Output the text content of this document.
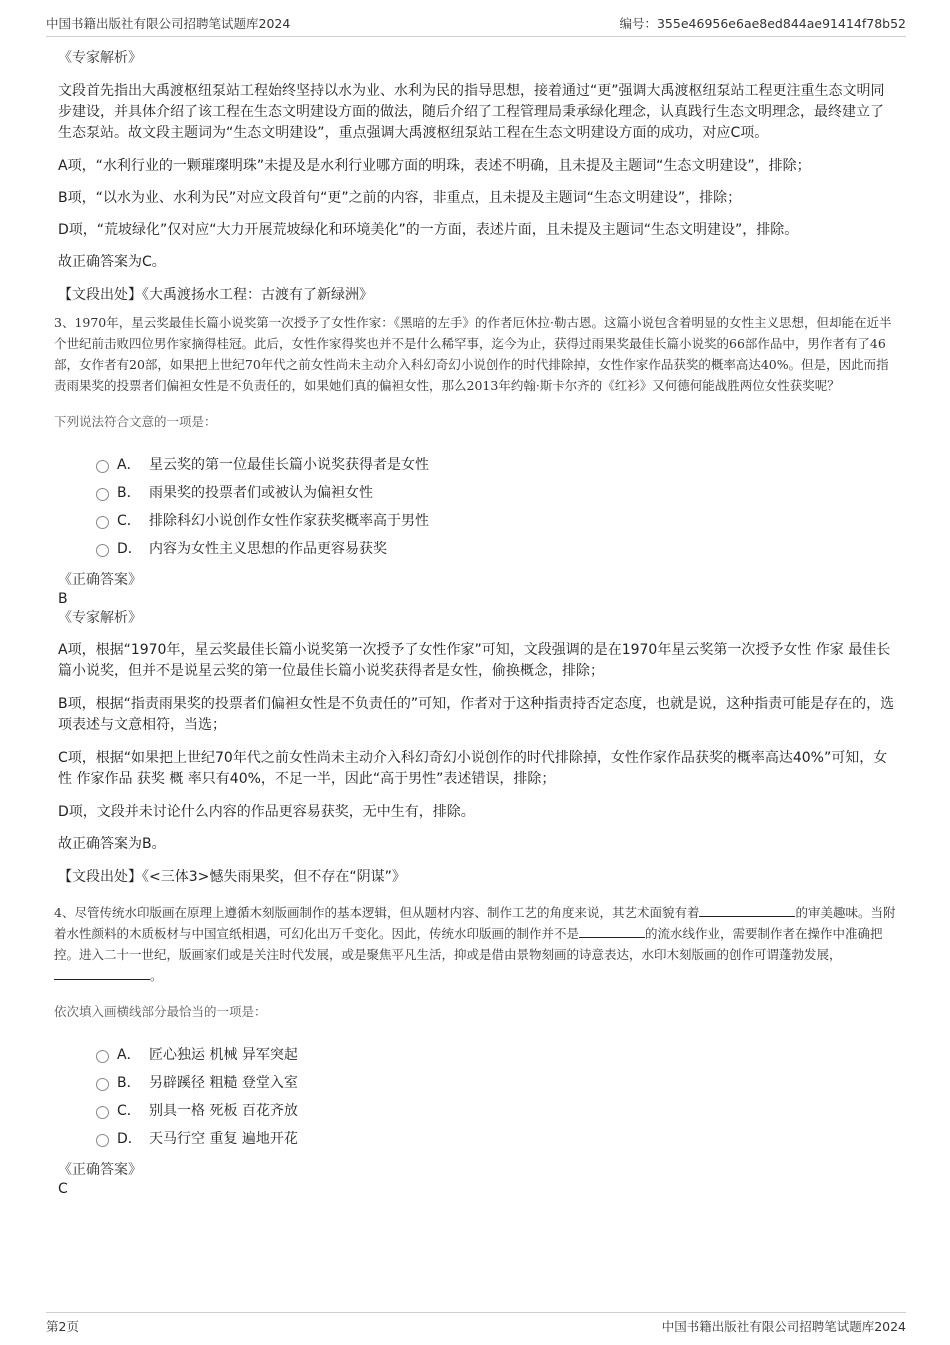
中国书籍出版社有限公司招聘笔试题库2024	编号：355e46956e6ae8ed844ae91414f78b52
《专家解析》

文段首先指出大禹渡枢纽泵站工程始终坚持以水为业、水利为民的指导思想，接着通过“更”强调大禹渡枢纽泵站工程更注重生态文明同步建设，并具体介绍了该工程在生态文明建设方面的做法，随后介绍了工程管理局秉承绿化理念，认真践行生态文明理念，最终建立了生态泵站。故文段主题词为“生态文明建设”，重点强调大禹渡枢纽泵站工程在生态文明建设方面的成功，对应C项。

A项，“水利行业的一颗璀璨明珠”未提及是水利行业哪方面的明珠，表述不明确，且未提及主题词“生态文明建设”，排除；

B项，“以水为业、水利为民”对应文段首句“更”之前的内容，非重点，且未提及主题词“生态文明建设”，排除；

D项，“荒坡绿化”仅对应“大力开展荒坡绿化和环境美化”的一方面，表述片面，且未提及主题词“生态文明建设”，排除。

故正确答案为C。

【文段出处】《大禹渡扬水工程：古渡有了新绿洲》

3、1970年，星云奖最佳长篇小说奖第一次授予了女性作家：《黑暗的左手》的作者厄休拉·勒古恩。这篇小说包含着明显的女性主义思想，但却能在近半个世纪前击败四位男作家摘得桂冠。此后，女性作家得奖也并不是什么稀罕事，迄今为止，获得过雨果奖最佳长篇小说奖的66部作品中，男作者有了46部，女作者有20部，如果把上世纪70年代之前女性尚未主动介入科幻奇幻小说创作的时代排除掉，女性作家作品获奖的概率高达40%。但是，因此而指责雨果奖的投票者们偏袒女性是不负责任的，如果她们真的偏袒女性，那么2013年约翰·斯卡尔齐的《红衫》又何德何能战胜两位女性获奖呢？

下列说法符合文意的一项是：

A． 星云奖的第一位最佳长篇小说奖获得者是女性
B． 雨果奖的投票者们或被认为偏袒女性
C． 排除科幻小说创作女性作家获奖概率高于男性
D． 内容为女性主义思想的作品更容易获奖
《正确答案》
B
《专家解析》

A项，根据“1970年，星云奖最佳长篇小说奖第一次授予了女性作家”可知，文段强调的是在1970年星云奖第一次授予女性 作家 最佳长篇小说奖，但并不是说星云奖的第一位最佳长篇小说奖获得者是女性，偷换概念，排除；

B项，根据“指责雨果奖的投票者们偏袒女性是不负责任的”可知，作者对于这种指责持否定态度，也就是说，这种指责可能是存在的，选项表述与文意相符，当选；

C项，根据“如果把上世纪70年代之前女性尚未主动介入科幻奇幻小说创作的时代排除掉，女性作家作品获奖的概率高达40%”可知，女性 作家作品 获奖 概 率只有40%，不足一半，因此“高于男性”表述错误，排除；

D项，文段并未讨论什么内容的作品更容易获奖，无中生有，排除。

故正确答案为B。

【文段出处】《<三体3>憾失雨果奖，但不存在“阴谋”》

4、尽管传统水印版画在原理上遵循木刻版画制作的基本逻辑，但从题材内容、制作工艺的角度来说，其艺术面貌有着	的审美趣味。当附着水性颜料的木质板材与中国宣纸相遇，可幻化出万千变化。因此，传统水印版画的制作并不是	的流水线作业，需要制作者在操作中准确把控。进入二十一世纪，版画家们或是关注时代发展，或是聚焦平凡生活，抑或是借由景物刻画的诗意表达，水印木刻版画的创作可谓蓬勃发展，。

依次填入画横线部分最恰当的一项是：

A． 匠心独运 机械 异军突起
B． 另辟蹊径 粗糙 登堂入室
C． 别具一格 死板 百花齐放
D． 天马行空 重复 遍地开花
《正确答案》
C
第2页	中国书籍出版社有限公司招聘笔试题库2024
